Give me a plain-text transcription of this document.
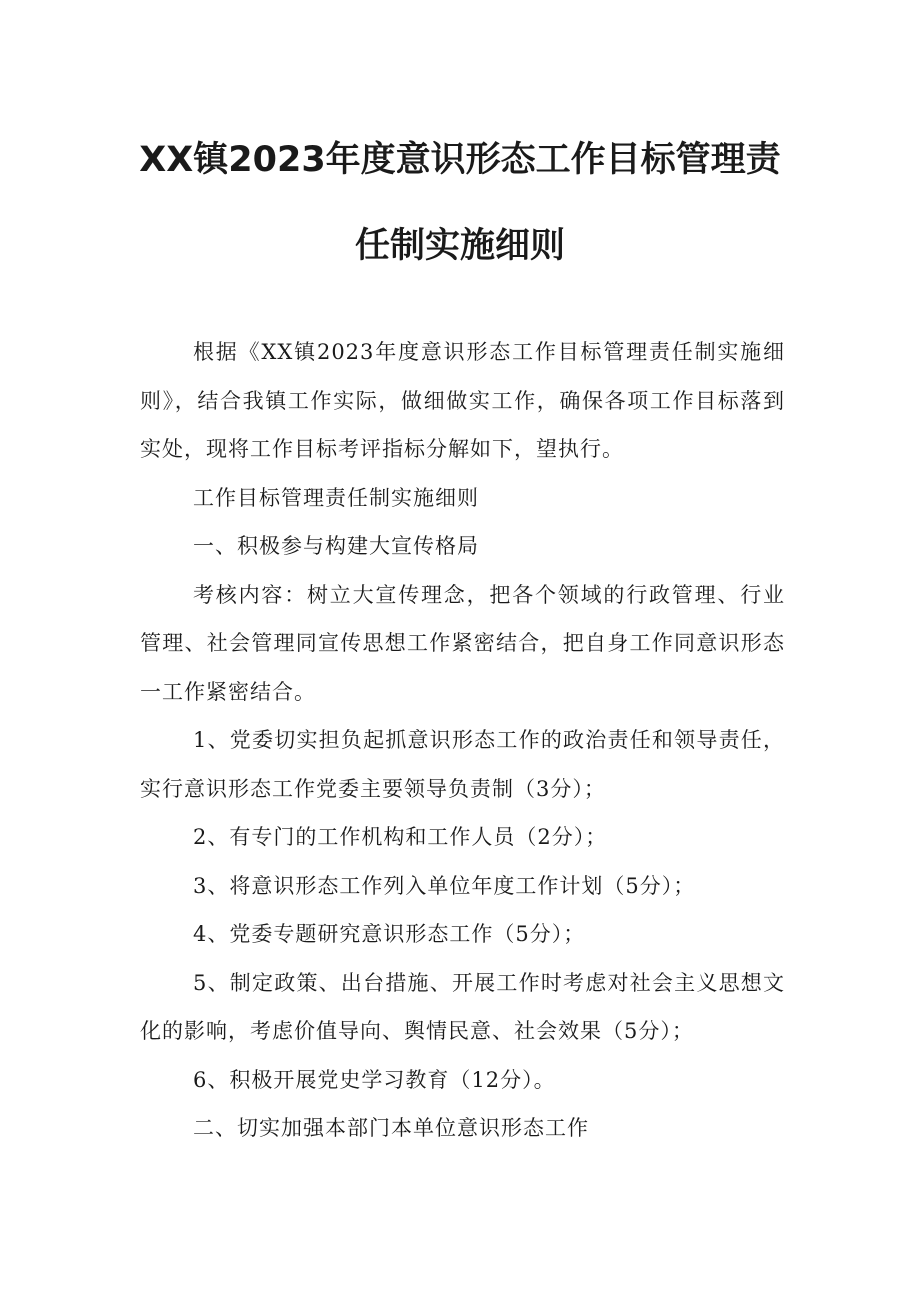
XX镇2023年度意识形态工作目标管理责
任制实施细则

根据《XX镇2023年度意识形态工作目标管理责任制实施细则》，结合我镇工作实际，做细做实工作，确保各项工作目标落到实处，现将工作目标考评指标分解如下，望执行。

工作目标管理责任制实施细则

一、积极参与构建大宣传格局

考核内容：树立大宣传理念，把各个领域的行政管理、行业管理、社会管理同宣传思想工作紧密结合，把自身工作同意识形态一工作紧密结合。

1、党委切实担负起抓意识形态工作的政治责任和领导责任，实行意识形态工作党委主要领导负责制（3分）；

2、有专门的工作机构和工作人员（2分）；

3、将意识形态工作列入单位年度工作计划（5分）；

4、党委专题研究意识形态工作（5分）；

5、制定政策、出台措施、开展工作时考虑对社会主义思想文化的影响，考虑价值导向、舆情民意、社会效果（5分）；

6、积极开展党史学习教育（12分）。

二、切实加强本部门本单位意识形态工作
